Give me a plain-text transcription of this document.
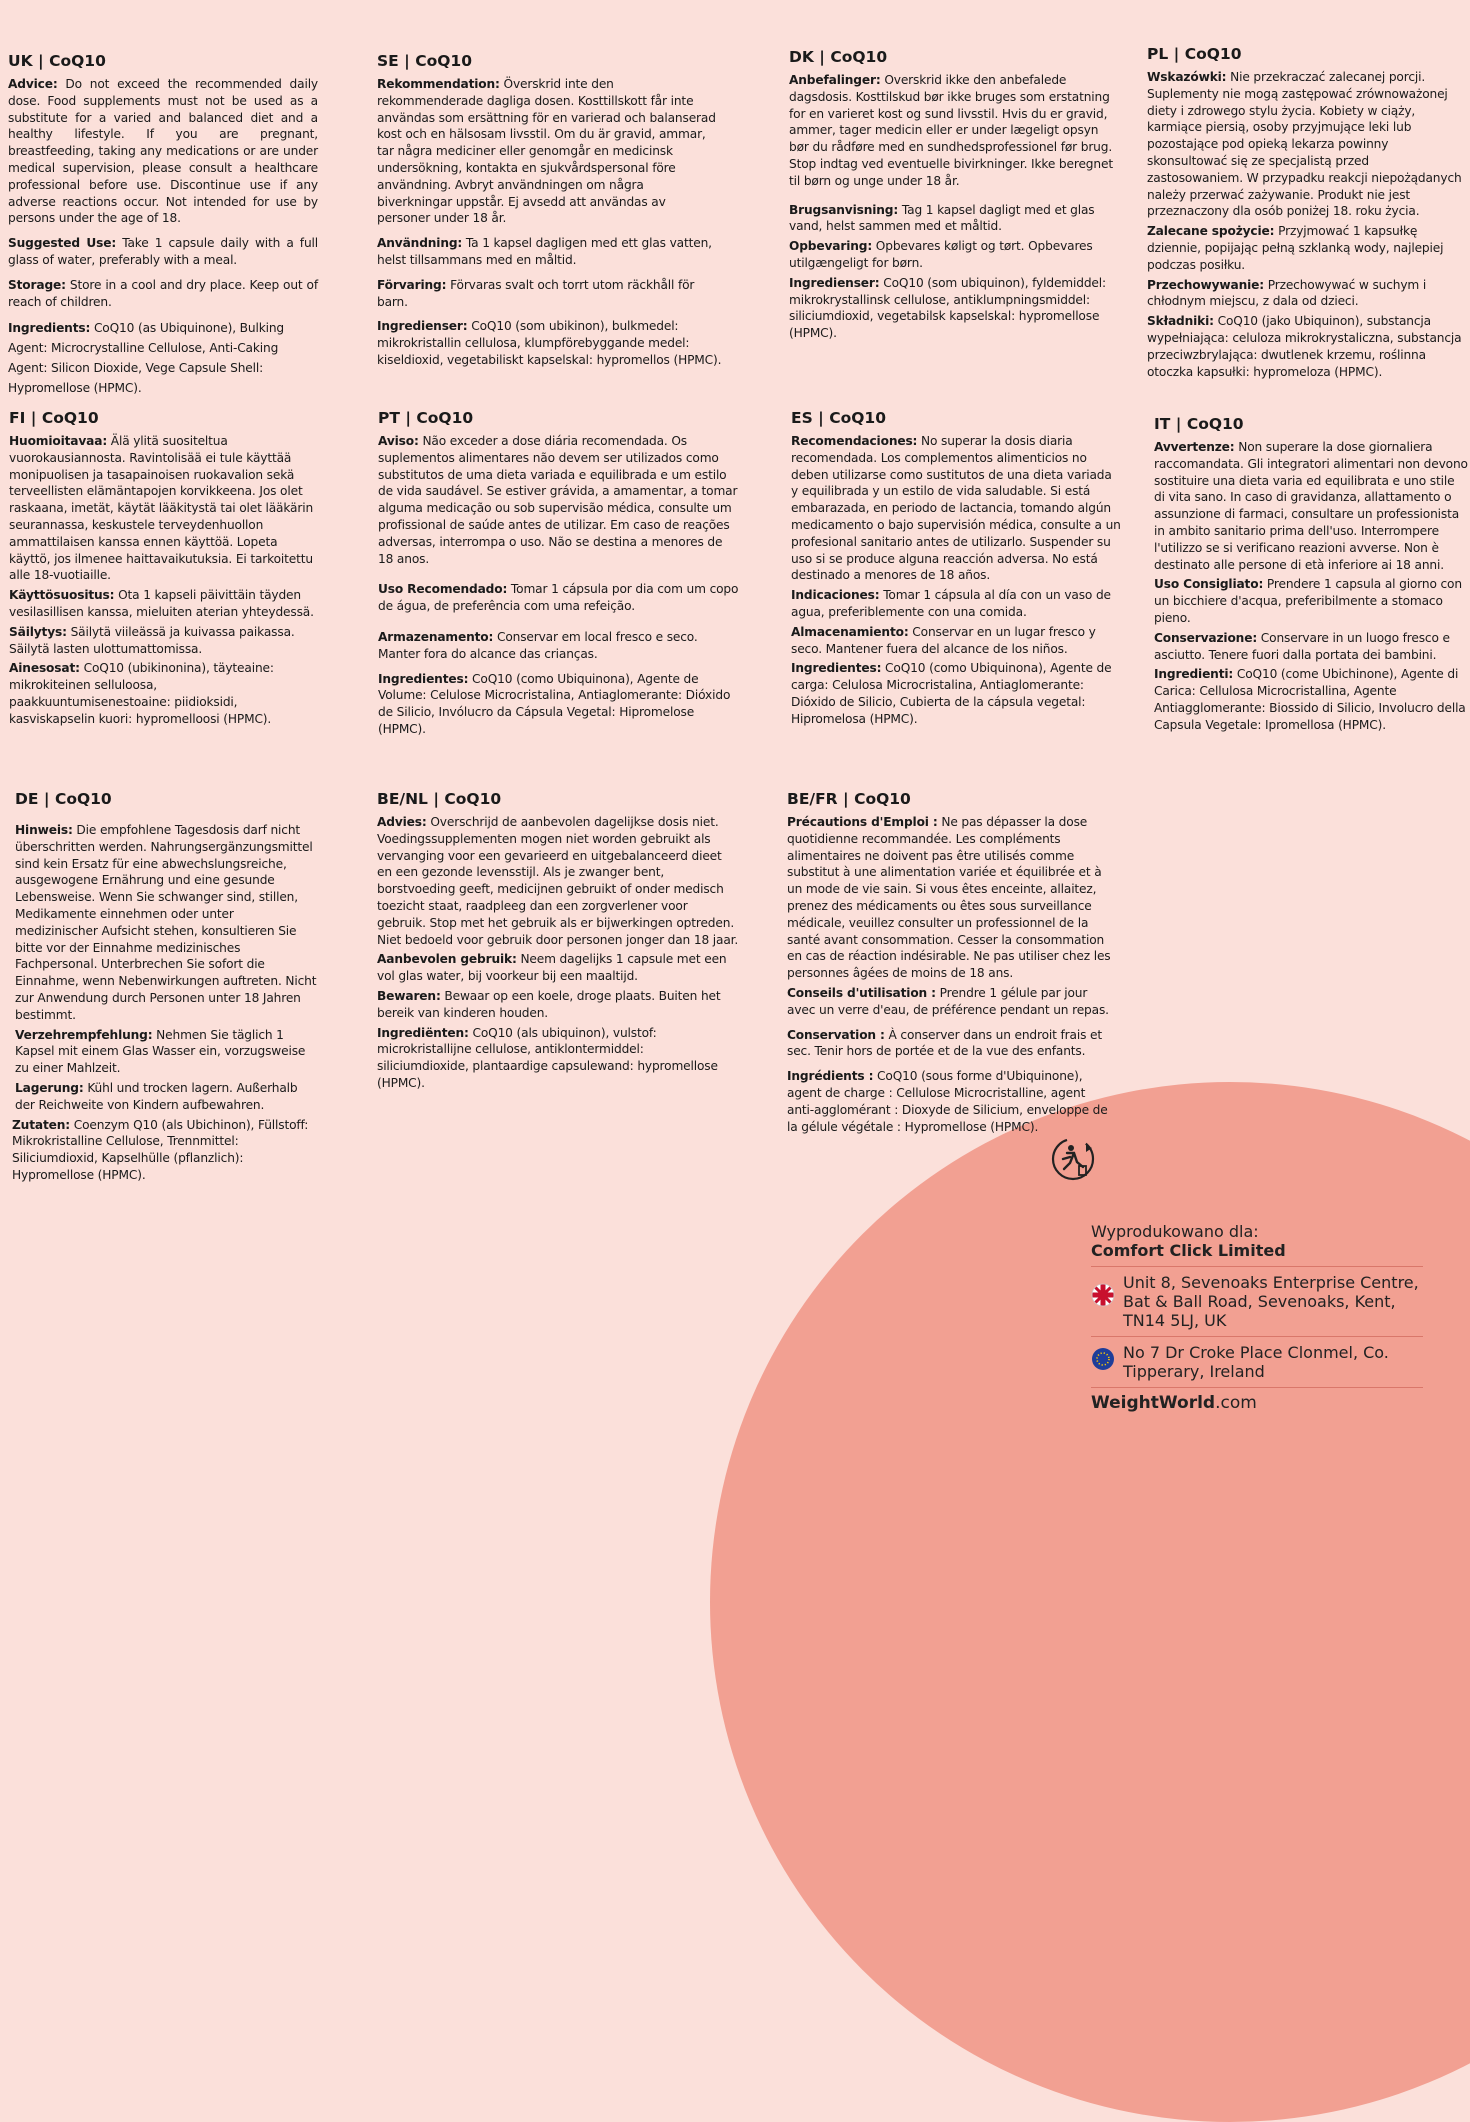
UK | CoQ10

Advice: Do not exceed the recommended daily dose. Food supplements must not be used as a substitute for a varied and balanced diet and a healthy lifestyle. If you are pregnant, breastfeeding, taking any medications or are under medical supervision, please consult a healthcare professional before use. Discontinue use if any adverse reactions occur. Not intended for use by persons under the age of 18.

Suggested Use: Take 1 capsule daily with a full glass of water, preferably with a meal.

Storage: Store in a cool and dry place. Keep out of reach of children.

Ingredients: CoQ10 (as Ubiquinone), Bulking Agent: Microcrystalline Cellulose, Anti-Caking Agent: Silicon Dioxide, Vege Capsule Shell: Hypromellose (HPMC).

SE | CoQ10

Rekommendation: Överskrid inte den rekommenderade dagliga dosen. Kosttillskott får inte användas som ersättning för en varierad och balanserad kost och en hälsosam livsstil. Om du är gravid, ammar, tar några mediciner eller genomgår en medicinsk undersökning, kontakta en sjukvårdspersonal före användning. Avbryt användningen om några biverkningar uppstår. Ej avsedd att användas av personer under 18 år.

Användning: Ta 1 kapsel dagligen med ett glas vatten, helst tillsammans med en måltid.

Förvaring: Förvaras svalt och torrt utom räckhåll för barn.

Ingredienser: CoQ10 (som ubikinon), bulkmedel: mikrokristallin cellulosa, klumpförebyggande medel: kiseldioxid, vegetabiliskt kapselskal: hypromellos (HPMC).

DK | CoQ10

Anbefalinger: Overskrid ikke den anbefalede dagsdosis. Kosttilskud bør ikke bruges som erstatning for en varieret kost og sund livsstil. Hvis du er gravid, ammer, tager medicin eller er under lægeligt opsyn bør du rådføre med en sundhedsprofessionel før brug. Stop indtag ved eventuelle bivirkninger. Ikke beregnet til børn og unge under 18 år.

Brugsanvisning: Tag 1 kapsel dagligt med et glas vand, helst sammen med et måltid.

Opbevaring: Opbevares køligt og tørt. Opbevares utilgængeligt for børn.

Ingredienser: CoQ10 (som ubiquinon), fyldemiddel: mikrokrystallinsk cellulose, antiklumpningsmiddel: siliciumdioxid, vegetabilsk kapselskal: hypromellose (HPMC).

PL | CoQ10

Wskazówki: Nie przekraczać zalecanej porcji. Suplementy nie mogą zastępować zrównoważonej diety i zdrowego stylu życia. Kobiety w ciąży, karmiące piersią, osoby przyjmujące leki lub pozostające pod opieką lekarza powinny skonsultować się ze specjalistą przed zastosowaniem. W przypadku reakcji niepożądanych należy przerwać zażywanie. Produkt nie jest przeznaczony dla osób poniżej 18. roku życia.

Zalecane spożycie: Przyjmować 1 kapsułkę dziennie, popijając pełną szklanką wody, najlepiej podczas posiłku.

Przechowywanie: Przechowywać w suchym i chłodnym miejscu, z dala od dzieci.

Składniki: CoQ10 (jako Ubiquinon), substancja wypełniająca: celuloza mikrokrystaliczna, substancja przeciwzbrylająca: dwutlenek krzemu, roślinna otoczka kapsułki: hypromeloza (HPMC).

FI | CoQ10

Huomioitavaa: Älä ylitä suositeltua vuorokausiannosta. Ravintolisää ei tule käyttää monipuolisen ja tasapainoisen ruokavalion sekä terveellisten elämäntapojen korvikkeena. Jos olet raskaana, imetät, käytät lääkitystä tai olet lääkärin seurannassa, keskustele terveydenhuollon ammattilaisen kanssa ennen käyttöä. Lopeta käyttö, jos ilmenee haittavaikutuksia. Ei tarkoitettu alle 18-vuotiaille.

Käyttösuositus: Ota 1 kapseli päivittäin täyden vesilasillisen kanssa, mieluiten aterian yhteydessä.

Säilytys: Säilytä viileässä ja kuivassa paikassa. Säilytä lasten ulottumattomissa.

Ainesosat: CoQ10 (ubikinonina), täyteaine: mikrokiteinen selluloosa, paakkuuntumisenestoaine: piidioksidi, kasviskapselin kuori: hypromelloosi (HPMC).

PT | CoQ10

Aviso: Não exceder a dose diária recomendada. Os suplementos alimentares não devem ser utilizados como substitutos de uma dieta variada e equilibrada e um estilo de vida saudável. Se estiver grávida, a amamentar, a tomar alguma medicação ou sob supervisão médica, consulte um profissional de saúde antes de utilizar. Em caso de reações adversas, interrompa o uso. Não se destina a menores de 18 anos.

Uso Recomendado: Tomar 1 cápsula por dia com um copo de água, de preferência com uma refeição.

Armazenamento: Conservar em local fresco e seco. Manter fora do alcance das crianças.

Ingredientes: CoQ10 (como Ubiquinona), Agente de Volume: Celulose Microcristalina, Antiaglomerante: Dióxido de Silicio, Invólucro da Cápsula Vegetal: Hipromelose (HPMC).

ES | CoQ10

Recomendaciones: No superar la dosis diaria recomendada. Los complementos alimenticios no deben utilizarse como sustitutos de una dieta variada y equilibrada y un estilo de vida saludable. Si está embarazada, en periodo de lactancia, tomando algún medicamento o bajo supervisión médica, consulte a un profesional sanitario antes de utilizarlo. Suspender su uso si se produce alguna reacción adversa. No está destinado a menores de 18 años.

Indicaciones: Tomar 1 cápsula al día con un vaso de agua, preferiblemente con una comida.

Almacenamiento: Conservar en un lugar fresco y seco. Mantener fuera del alcance de los niños.

Ingredientes: CoQ10 (como Ubiquinona), Agente de carga: Celulosa Microcristalina, Antiaglomerante: Dióxido de Silicio, Cubierta de la cápsula vegetal: Hipromelosa (HPMC).

IT | CoQ10

Avvertenze: Non superare la dose giornaliera raccomandata. Gli integratori alimentari non devono sostituire una dieta varia ed equilibrata e uno stile di vita sano. In caso di gravidanza, allattamento o assunzione di farmaci, consultare un professionista in ambito sanitario prima dell'uso. Interrompere l'utilizzo se si verificano reazioni avverse. Non è destinato alle persone di età inferiore ai 18 anni.

Uso Consigliato: Prendere 1 capsula al giorno con un bicchiere d'acqua, preferibilmente a stomaco pieno.

Conservazione: Conservare in un luogo fresco e asciutto. Tenere fuori dalla portata dei bambini.

Ingredienti: CoQ10 (come Ubichinone), Agente di Carica: Cellulosa Microcristallina, Agente Antiagglomerante: Biossido di Silicio, Involucro della Capsula Vegetale: Ipromellosa (HPMC).

DE | CoQ10

Hinweis: Die empfohlene Tagesdosis darf nicht überschritten werden. Nahrungsergänzungsmittel sind kein Ersatz für eine abwechslungsreiche, ausgewogene Ernährung und eine gesunde Lebensweise. Wenn Sie schwanger sind, stillen, Medikamente einnehmen oder unter medizinischer Aufsicht stehen, konsultieren Sie bitte vor der Einnahme medizinisches Fachpersonal. Unterbrechen Sie sofort die Einnahme, wenn Nebenwirkungen auftreten. Nicht zur Anwendung durch Personen unter 18 Jahren bestimmt.

Verzehrempfehlung: Nehmen Sie täglich 1 Kapsel mit einem Glas Wasser ein, vorzugsweise zu einer Mahlzeit.

Lagerung: Kühl und trocken lagern. Außerhalb der Reichweite von Kindern aufbewahren.

Zutaten: Coenzym Q10 (als Ubichinon), Füllstoff: Mikrokristalline Cellulose, Trennmittel: Siliciumdioxid, Kapselhülle (pflanzlich): Hypromellose (HPMC).

BE/NL | CoQ10

Advies: Overschrijd de aanbevolen dagelijkse dosis niet. Voedingssupplementen mogen niet worden gebruikt als vervanging voor een gevarieerd en uitgebalanceerd dieet en een gezonde levensstijl. Als je zwanger bent, borstvoeding geeft, medicijnen gebruikt of onder medisch toezicht staat, raadpleeg dan een zorgverlener voor gebruik. Stop met het gebruik als er bijwerkingen optreden. Niet bedoeld voor gebruik door personen jonger dan 18 jaar.

Aanbevolen gebruik: Neem dagelijks 1 capsule met een vol glas water, bij voorkeur bij een maaltijd.

Bewaren: Bewaar op een koele, droge plaats. Buiten het bereik van kinderen houden.

Ingrediënten: CoQ10 (als ubiquinon), vulstof: microkristallijne cellulose, antiklontermiddel: siliciumdioxide, plantaardige capsulewand: hypromellose (HPMC).

BE/FR | CoQ10

Précautions d'Emploi : Ne pas dépasser la dose quotidienne recommandée. Les compléments alimentaires ne doivent pas être utilisés comme substitut à une alimentation variée et équilibrée et à un mode de vie sain. Si vous êtes enceinte, allaitez, prenez des médicaments ou êtes sous surveillance médicale, veuillez consulter un professionnel de la santé avant consommation. Cesser la consommation en cas de réaction indésirable. Ne pas utiliser chez les personnes âgées de moins de 18 ans.

Conseils d'utilisation : Prendre 1 gélule par jour avec un verre d'eau, de préférence pendant un repas.

Conservation : À conserver dans un endroit frais et sec. Tenir hors de portée et de la vue des enfants.

Ingrédients : CoQ10 (sous forme d'Ubiquinone), agent de charge : Cellulose Microcristalline, agent anti-agglomérant : Dioxyde de Silicium, enveloppe de la gélule végétale : Hypromellose (HPMC).

Wyprodukowano dla:
Comfort Click Limited
Unit 8, Sevenoaks Enterprise Centre, Bat & Ball Road, Sevenoaks, Kent, TN14 5LJ, UK
No 7 Dr Croke Place Clonmel, Co. Tipperary, Ireland
WeightWorld.com
